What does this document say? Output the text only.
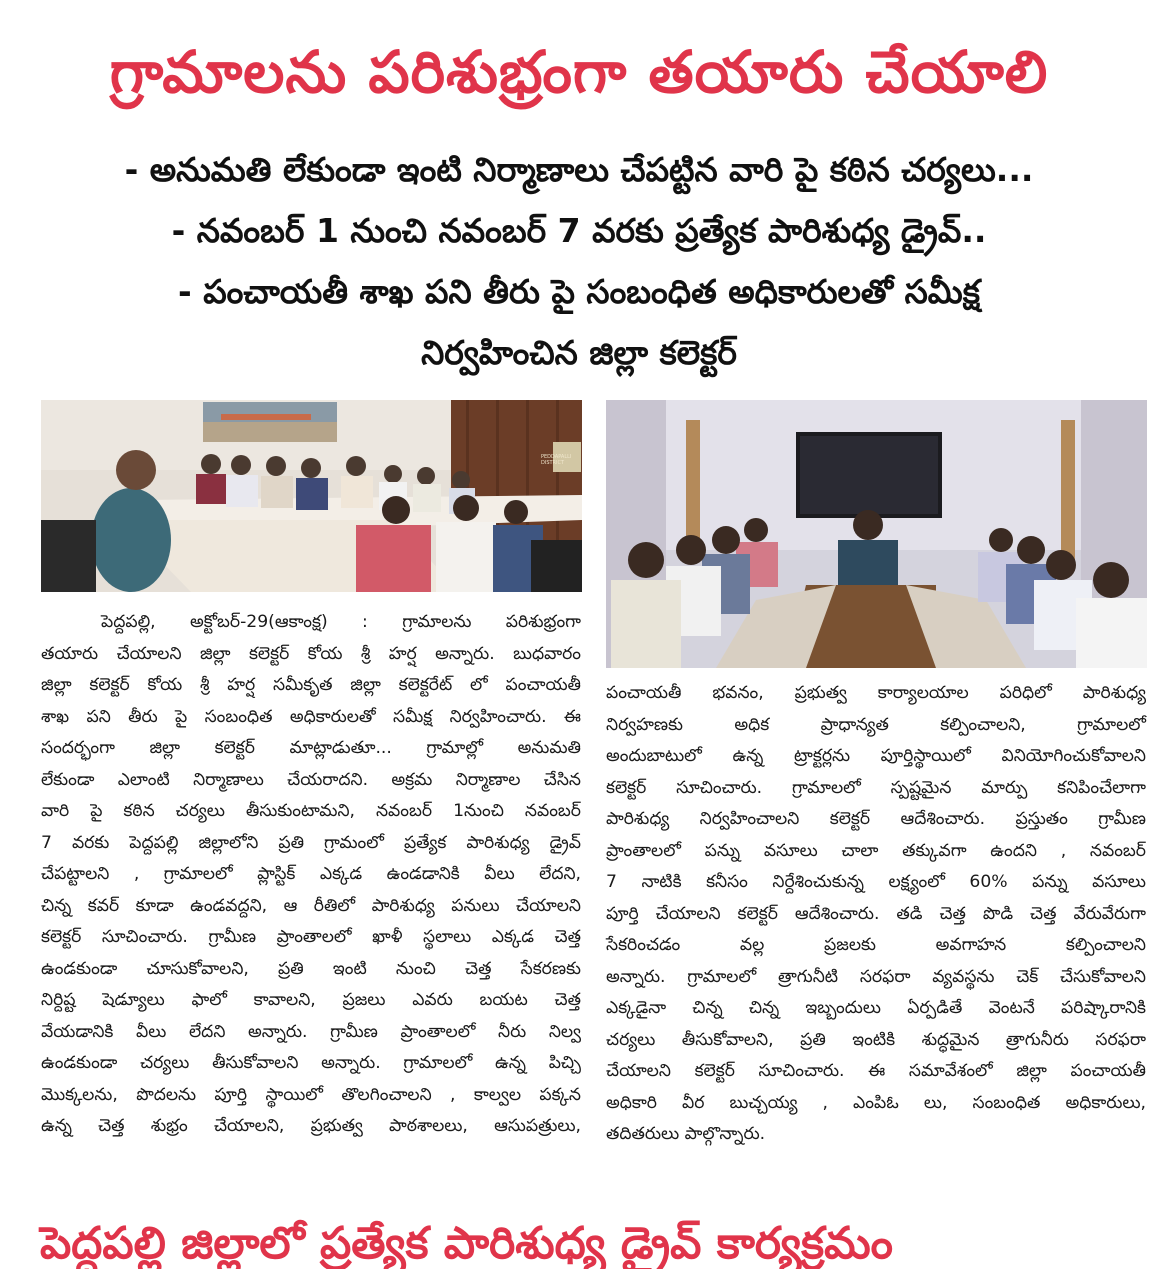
గ్రామాలను పరిశుభ్రంగా తయారు చేయాలి
- అనుమతి లేకుండా ఇంటి నిర్మాణాలు చేపట్టిన వారి పై కఠిన చర్యలు...
- నవంబర్ 1 నుంచి నవంబర్ 7 వరకు ప్రత్యేక పారిశుధ్య డ్రైవ్..
- పంచాయతీ శాఖ పని తీరు పై సంబంధిత అధికారులతో సమీక్ష
నిర్వహించిన జిల్లా కలెక్టర్
PEDDAPALLI DISTRICT
పెద్దపల్లి, అక్టోబర్-29(ఆకాంక్ష) : గ్రామాలను పరిశుభ్రంగా
తయారు చేయాలని జిల్లా కలెక్టర్ కోయ శ్రీ హర్ష అన్నారు. బుధవారం
జిల్లా కలెక్టర్ కోయ శ్రీ హర్ష సమీకృత జిల్లా కలెక్టరేట్ లో పంచాయతీ
శాఖ పని తీరు పై సంబంధిత అధికారులతో సమీక్ష నిర్వహించారు. ఈ
సందర్భంగా జిల్లా కలెక్టర్ మాట్లాడుతూ... గ్రామాల్లో అనుమతి
లేకుండా ఎలాంటి నిర్మాణాలు చేయరాదని. అక్రమ నిర్మాణాల చేసిన
వారి పై కఠిన చర్యలు తీసుకుంటామని, నవంబర్ 1నుంచి నవంబర్
7 వరకు పెద్దపల్లి జిల్లాలోని ప్రతి గ్రామంలో ప్రత్యేక పారిశుధ్య డ్రైవ్
చేపట్టాలని , గ్రామాలలో ప్లాస్టిక్ ఎక్కడ ఉండడానికి వీలు లేదని,
చిన్న కవర్ కూడా ఉండవద్దని, ఆ రీతిలో పారిశుధ్య పనులు చేయాలని
కలెక్టర్ సూచించారు. గ్రామీణ ప్రాంతాలలో ఖాళీ స్థలాలు ఎక్కడ చెత్త
ఉండకుండా చూసుకోవాలని, ప్రతి ఇంటి నుంచి చెత్త సేకరణకు
నిర్దిష్ట షెడ్యూలు ఫాలో కావాలని, ప్రజలు ఎవరు బయట చెత్త
వేయడానికి వీలు లేదని అన్నారు. గ్రామీణ ప్రాంతాలలో నీరు నిల్వ
ఉండకుండా చర్యలు తీసుకోవాలని అన్నారు. గ్రామాలలో ఉన్న పిచ్చి
మొక్కలను, పొదలను పూర్తి స్థాయిలో తొలగించాలని , కాల్వల పక్కన
ఉన్న చెత్త శుభ్రం చేయాలని, ప్రభుత్వ పాఠశాలలు, ఆసుపత్రులు,
పంచాయతీ భవనం, ప్రభుత్వ కార్యాలయాల పరిధిలో పారిశుధ్య
నిర్వహణకు అధిక ప్రాధాన్యత కల్పించాలని, గ్రామాలలో
అందుబాటులో ఉన్న ట్రాక్టర్లను పూర్తిస్థాయిలో వినియోగించుకోవాలని
కలెక్టర్ సూచించారు. గ్రామాలలో స్పష్టమైన మార్పు కనిపించేలాగా
పారిశుధ్య నిర్వహించాలని కలెక్టర్ ఆదేశించారు. ప్రస్తుతం గ్రామీణ
ప్రాంతాలలో పన్ను వసూలు చాలా తక్కువగా ఉందని , నవంబర్
7 నాటికి కనీసం నిర్దేశించుకున్న లక్ష్యంలో 60% పన్ను వసూలు
పూర్తి చేయాలని కలెక్టర్ ఆదేశించారు. తడి చెత్త పొడి చెత్త వేరువేరుగా
సేకరించడం వల్ల ప్రజలకు అవగాహన కల్పించాలని
అన్నారు. గ్రామాలలో త్రాగునీటి సరఫరా వ్యవస్థను చెక్ చేసుకోవాలని
ఎక్కడైనా చిన్న చిన్న ఇబ్బందులు ఏర్పడితే వెంటనే పరిష్కారానికి
చర్యలు తీసుకోవాలని, ప్రతి ఇంటికి శుద్ధమైన త్రాగునీరు సరఫరా
చేయాలని కలెక్టర్ సూచించారు. ఈ సమావేశంలో జిల్లా పంచాయతీ
అధికారి వీర బుచ్చయ్య , ఎంపిఓ లు, సంబంధిత అధికారులు,
తదితరులు పాల్గొన్నారు.
పెద్దపల్లి జిల్లాలో ప్రత్యేక పారిశుధ్య డ్రైవ్ కార్యక్రమం
